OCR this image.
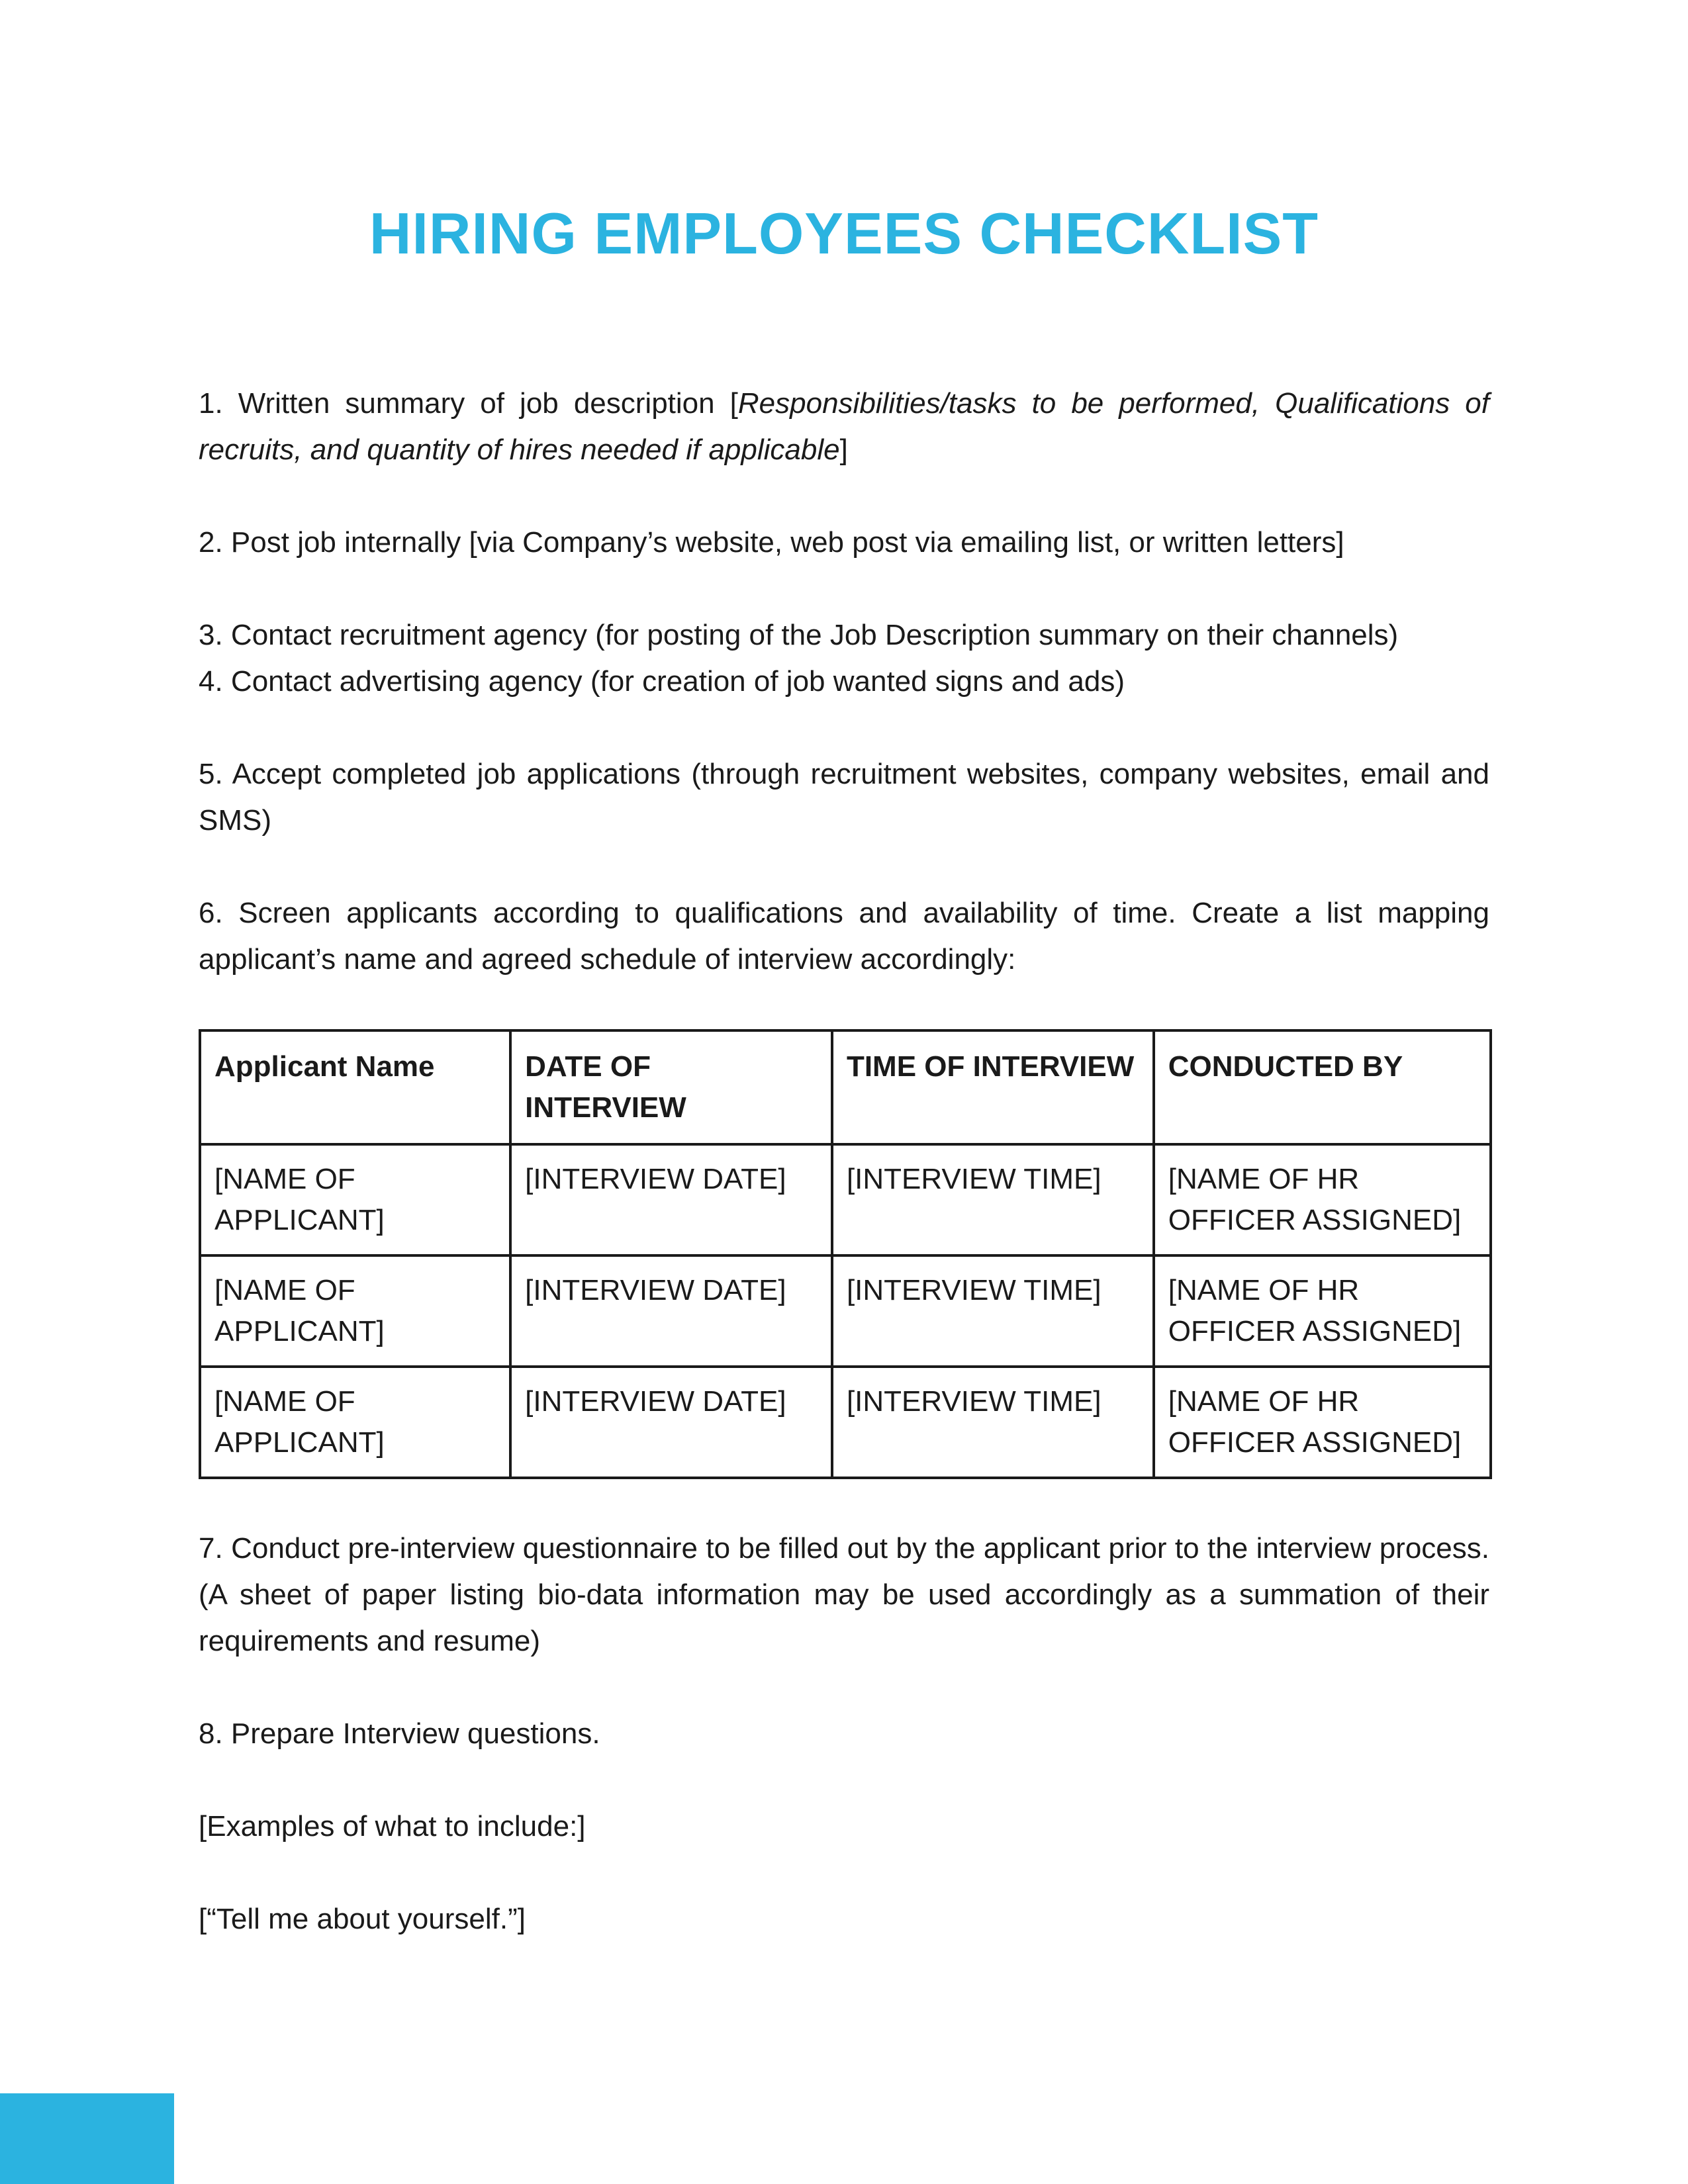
HIRING EMPLOYEES CHECKLIST

1. Written summary of job description [Responsibilities/tasks to be performed, Qualifications of recruits, and quantity of hires needed if applicable]

2. Post job internally [via Company’s website, web post via emailing list, or written letters]

3. Contact recruitment agency (for posting of the Job Description summary on their channels)

4. Contact advertising agency (for creation of job wanted signs and ads)

5. Accept completed job applications (through recruitment websites, company websites, email and SMS)

6. Screen applicants according to qualifications and availability of time. Create a list mapping applicant’s name and agreed schedule of interview accordingly:

Applicant Name	DATE OF INTERVIEW	TIME OF INTERVIEW	CONDUCTED BY
[NAME OF APPLICANT]	[INTERVIEW DATE]	[INTERVIEW TIME]	[NAME OF HR OFFICER ASSIGNED]
[NAME OF APPLICANT]	[INTERVIEW DATE]	[INTERVIEW TIME]	[NAME OF HR OFFICER ASSIGNED]
[NAME OF APPLICANT]	[INTERVIEW DATE]	[INTERVIEW TIME]	[NAME OF HR OFFICER ASSIGNED]

7. Conduct pre-interview questionnaire to be filled out by the applicant prior to the interview process. (A sheet of paper listing bio-data information may be used accordingly as a summation of their requirements and resume)

8. Prepare Interview questions.

[Examples of what to include:]

[“Tell me about yourself.”]
